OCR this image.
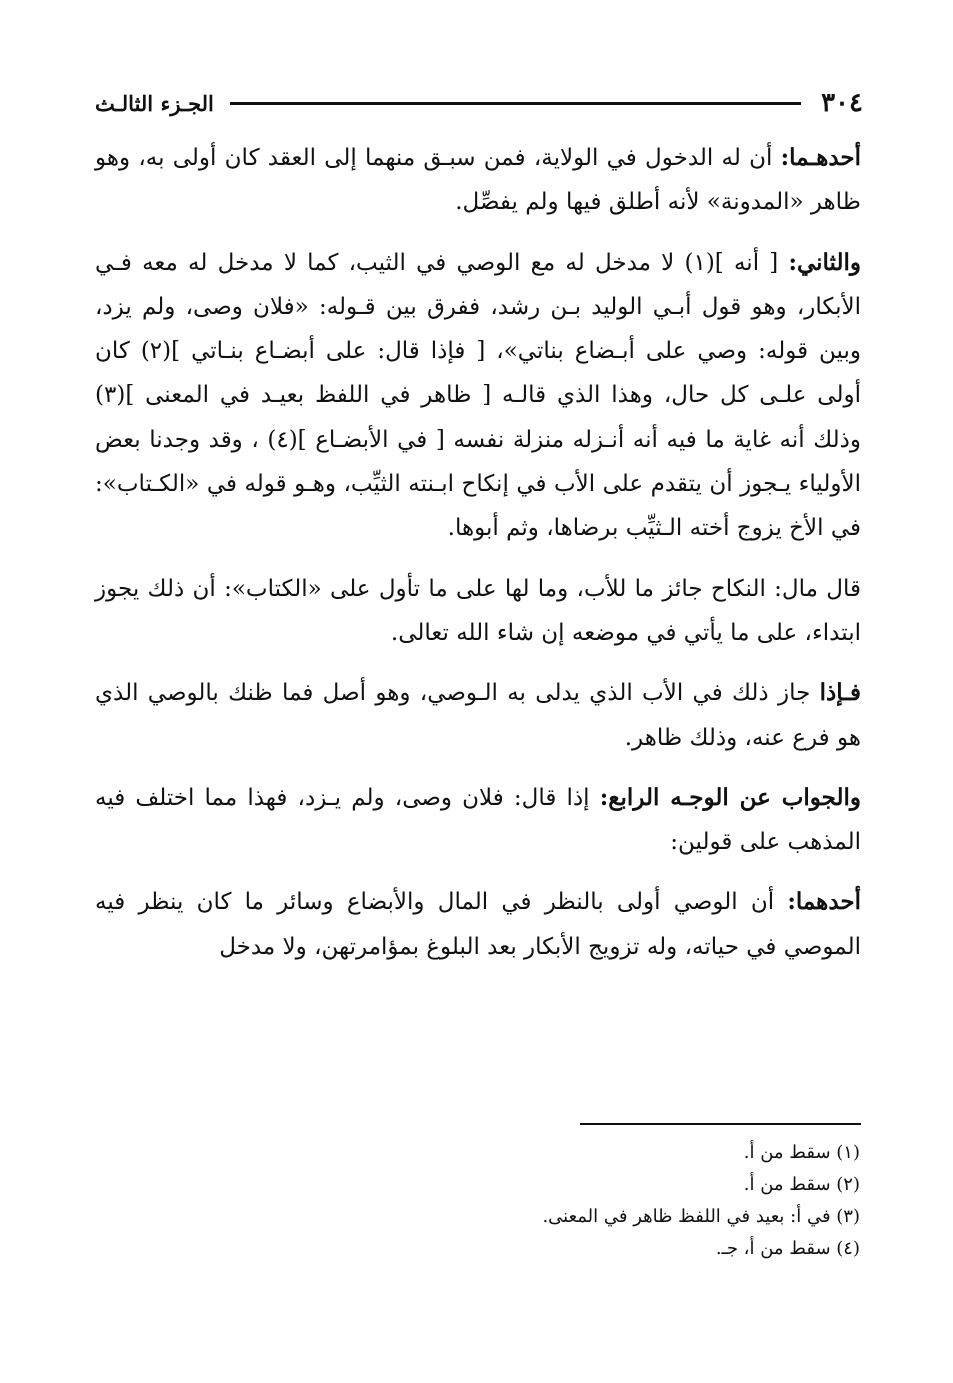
٣٠٤
الجـزء الثالـث

أحدهـما: أن له الدخول في الولاية، فمن سبـق منهما إلى العقد كان أولى به، وهو ظاهر «المدونة» لأنه أطلق فيها ولم يفصِّل.

والثاني: [ أنه ](١) لا مدخل له مع الوصي في الثيب، كما لا مدخل له معه فـي الأبكار، وهو قول أبـي الوليد بـن رشد، ففرق بين قـوله: «فلان وصى، ولم يزد، وبين قوله: وصي على أبـضاع بناتي»، [ فإذا قال: على أبضـاع بنـاتي ](٢) كان أولى علـى كل حال، وهذا الذي قالـه [ ظاهر في اللفظ بعيـد في المعنى ](٣) وذلك أنه غاية ما فيه أنه أنـزله منزلة نفسه [ في الأبضـاع ](٤) ، وقد وجدنا بعض الأولياء يـجوز أن يتقدم على الأب في إنكاح ابـنته الثيِّب، وهـو قوله في «الكـتاب»: في الأخ يزوج أخته الـثيِّب برضاها، وثم أبوها.

قال مال: النكاح جائز ما للأب، وما لها على ما تأول على «الكتاب»: أن ذلك يجوز ابتداء، على ما يأتي في موضعه إن شاء الله تعالى.

فـإذا جاز ذلك في الأب الذي يدلى به الـوصي، وهو أصل فما ظنك بالوصي الذي هو فرع عنه، وذلك ظاهر.

والجواب عن الوجـه الرابع: إذا قال: فلان وصى، ولم يـزد، فهذا مما اختلف فيه المذهب على قولين:

أحدهما: أن الوصي أولى بالنظر في المال والأبضاع وسائر ما كان ينظر فيه الموصي في حياته، وله تزويج الأبكار بعد البلوغ بمؤامرتهن، ولا مدخل

(١) سقط من أ.

(٢) سقط من أ.

(٣) في أ: بعيد في اللفظ ظاهر في المعنى.

(٤) سقط من أ، جـ.
